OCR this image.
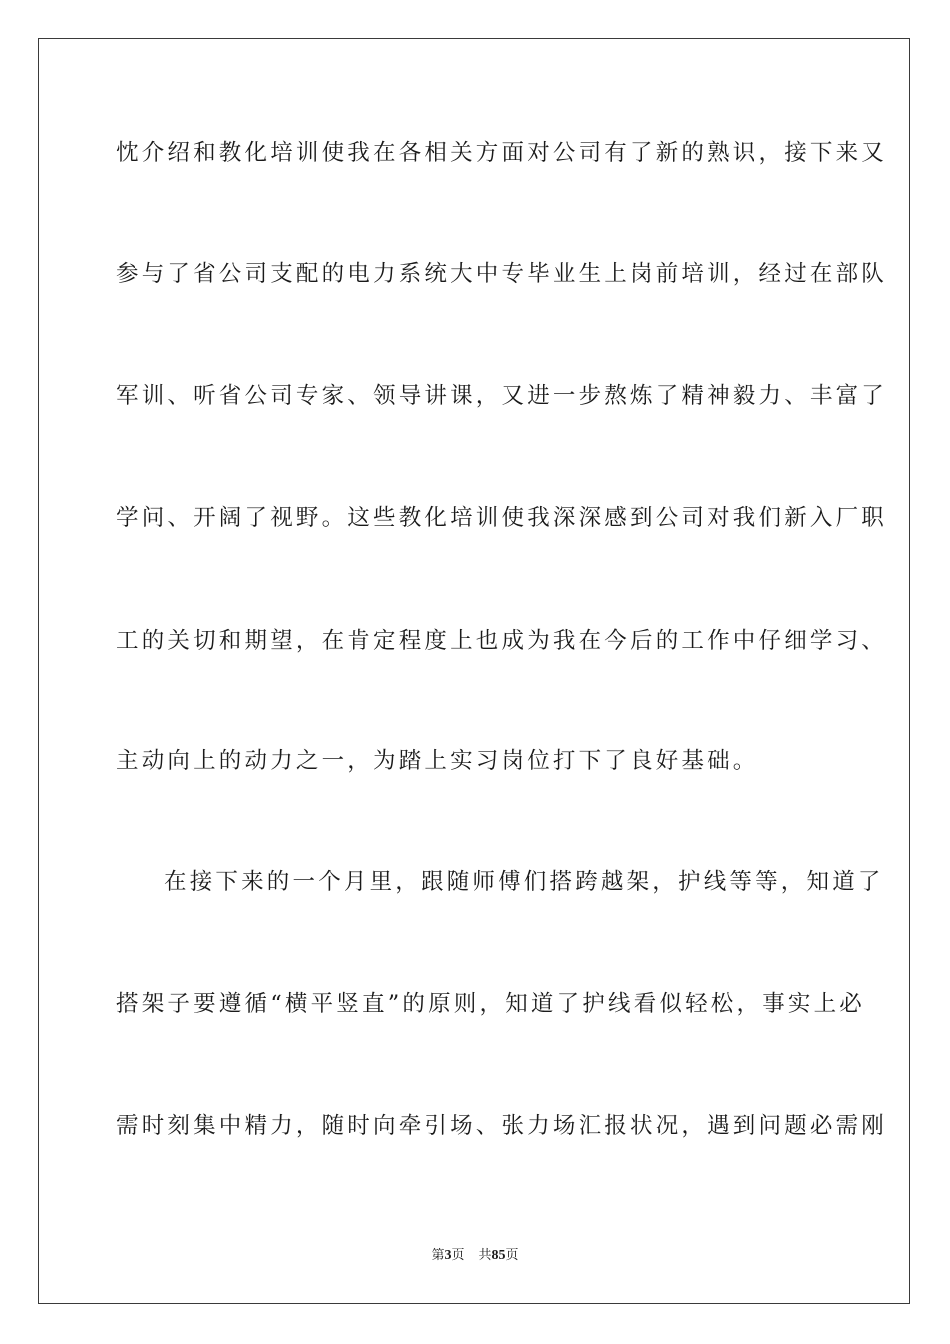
忱介绍和教化培训使我在各相关方面对公司有了新的熟识，接下来又
参与了省公司支配的电力系统大中专毕业生上岗前培训，经过在部队
军训、听省公司专家、领导讲课，又进一步熬炼了精神毅力、丰富了
学问、开阔了视野。这些教化培训使我深深感到公司对我们新入厂职
工的关切和期望，在肯定程度上也成为我在今后的工作中仔细学习、
主动向上的动力之一，为踏上实习岗位打下了良好基础。
在接下来的一个月里，跟随师傅们搭跨越架，护线等等，知道了
搭架子要遵循“横平竖直”的原则，知道了护线看似轻松，事实上必
需时刻集中精力，随时向牵引场、张力场汇报状况，遇到问题必需刚
第3页 共85页
